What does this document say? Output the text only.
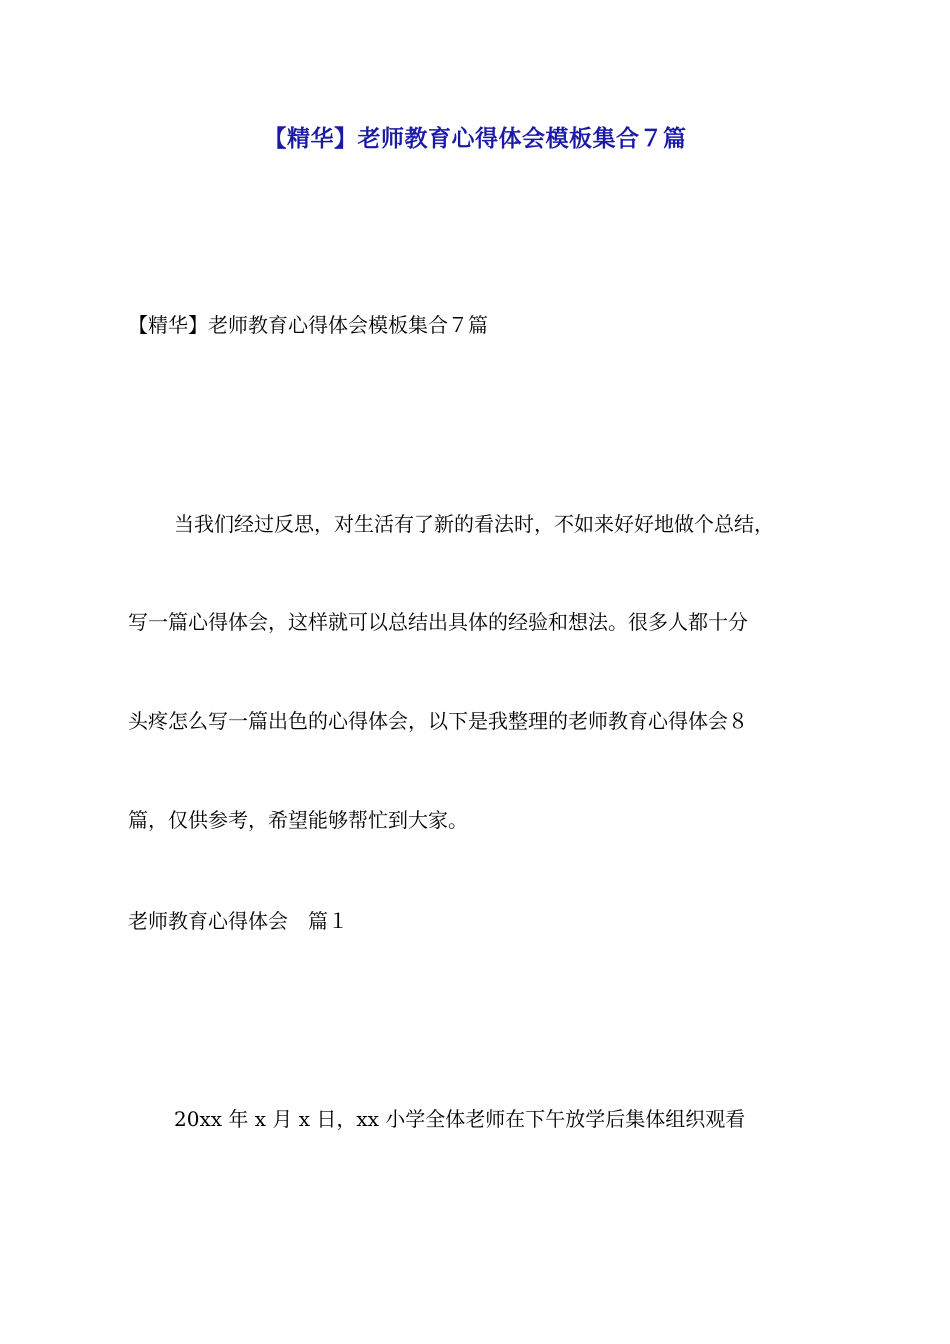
【精华】老师教育心得体会模板集合７篇
【精华】老师教育心得体会模板集合７篇
当我们经过反思，对生活有了新的看法时，不如来好好地做个总结，
写一篇心得体会，这样就可以总结出具体的经验和想法。很多人都十分
头疼怎么写一篇出色的心得体会，以下是我整理的老师教育心得体会８
篇，仅供参考，希望能够帮忙到大家。
老师教育心得体会　篇１
20xx 年 x 月 x 日，xx 小学全体老师在下午放学后集体组织观看
